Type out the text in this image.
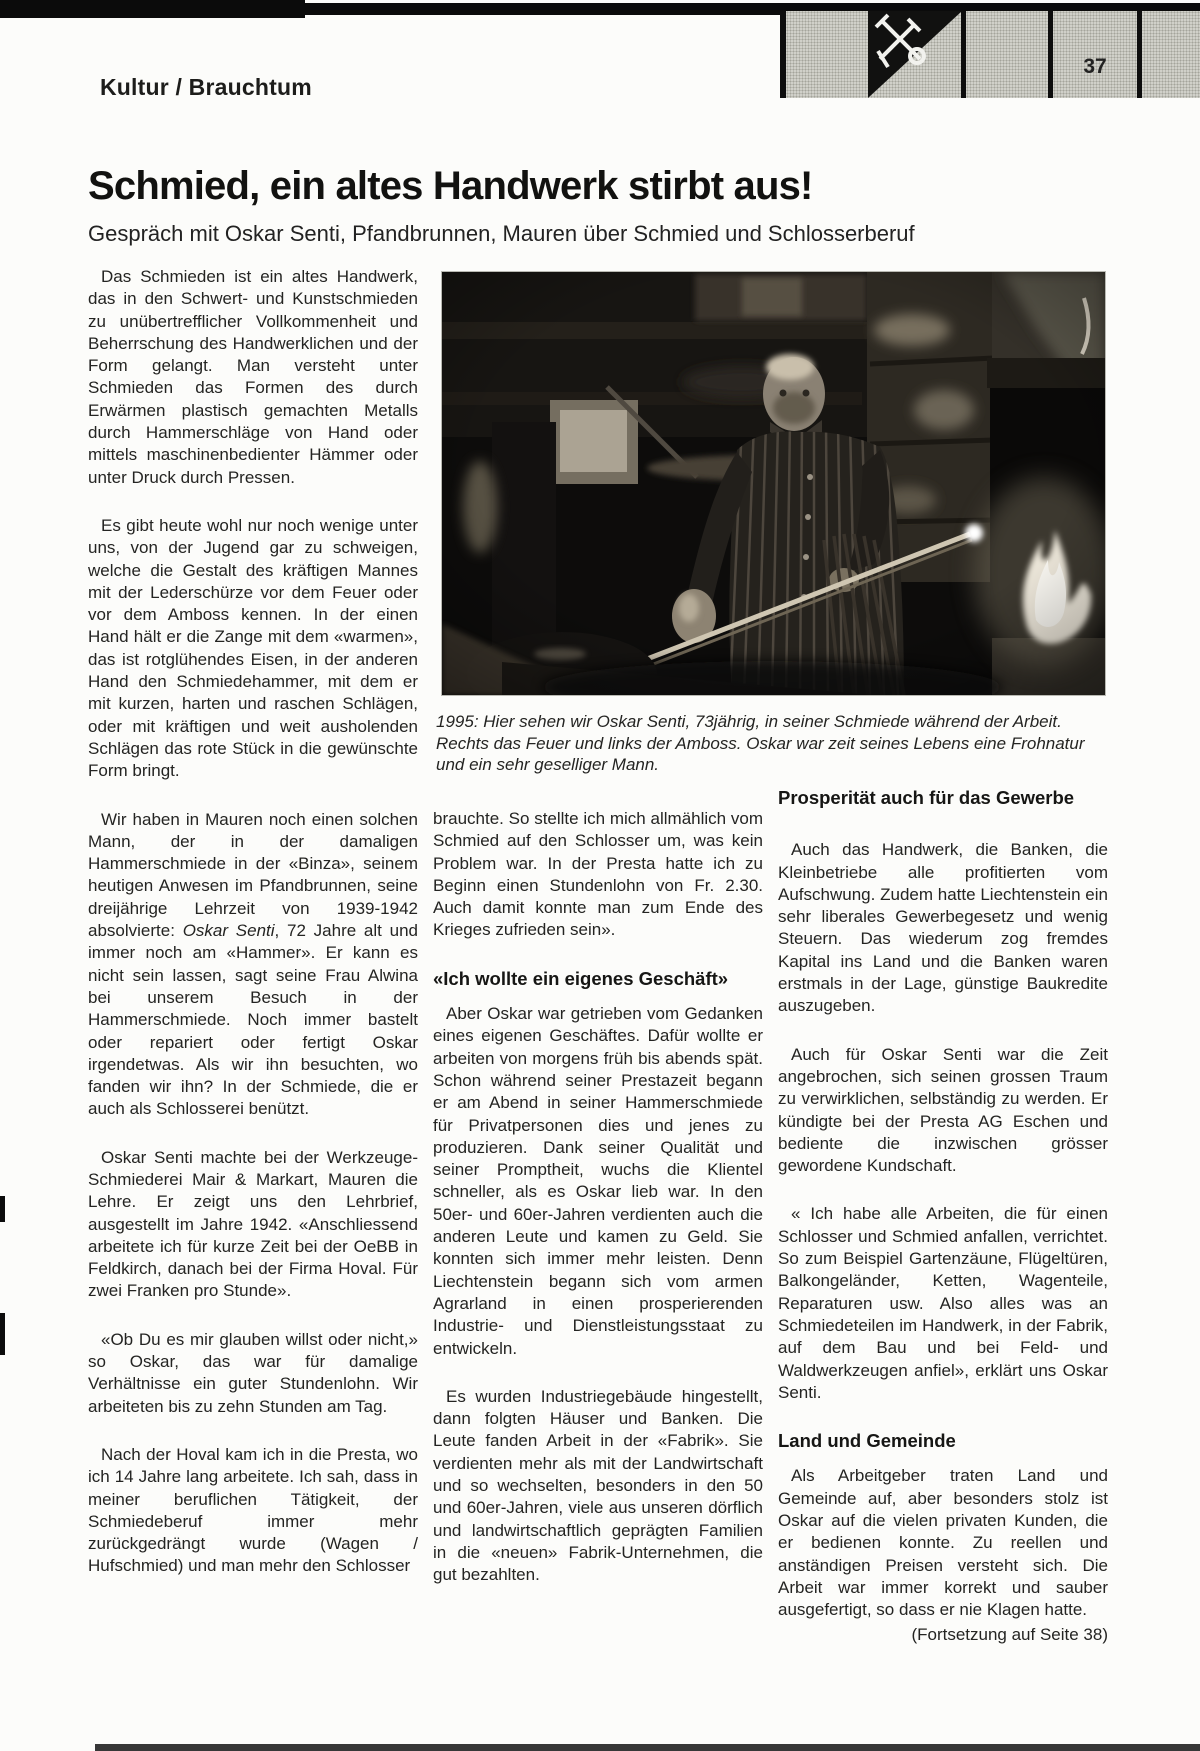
37
Kultur / Brauchtum
Schmied, ein altes Handwerk stirbt aus!
Gespräch mit Oskar Senti, Pfandbrunnen, Mauren über Schmied und Schlosserberuf
1995: Hier sehen wir Oskar Senti, 73jährig, in seiner Schmiede während der Arbeit. Rechts das Feuer und links der Amboss. Oskar war zeit seines Lebens eine Frohnatur und ein sehr geselliger Mann.

Das Schmieden ist ein altes Handwerk, das in den Schwert- und Kunstschmieden zu unübertrefflicher Vollkommenheit und Beherrschung des Handwerklichen und der Form gelangt. Man versteht unter Schmieden das Formen des durch Erwärmen plastisch gemachten Metalls durch Hammerschläge von Hand oder mittels maschinenbedienter Hämmer oder unter Druck durch Pressen.

Es gibt heute wohl nur noch wenige unter uns, von der Jugend gar zu schweigen, welche die Gestalt des kräftigen Mannes mit der Lederschürze vor dem Feuer oder vor dem Amboss kennen. In der einen Hand hält er die Zange mit dem «warmen», das ist rotglühendes Eisen, in der anderen Hand den Schmiedehammer, mit dem er mit kurzen, harten und raschen Schlägen, oder mit kräftigen und weit ausholenden Schlägen das rote Stück in die gewünschte Form bringt.

Wir haben in Mauren noch einen solchen Mann, der in der damaligen Hammerschmiede in der «Binza», seinem heutigen Anwesen im Pfandbrunnen, seine dreijährige Lehrzeit von 1939-1942 absolvierte: Oskar Senti, 72 Jahre alt und immer noch am «Hammer». Er kann es nicht sein lassen, sagt seine Frau Alwina bei unserem Besuch in der Hammerschmiede. Noch immer bastelt oder repariert oder fertigt Oskar irgendetwas. Als wir ihn besuchten, wo fanden wir ihn? In der Schmiede, die er auch als Schlosserei benützt.

Oskar Senti machte bei der Werkzeuge-Schmiederei Mair & Markart, Mauren die Lehre. Er zeigt uns den Lehrbrief, ausgestellt im Jahre 1942. «Anschliessend arbeitete ich für kurze Zeit bei der OeBB in Feldkirch, danach bei der Firma Hoval. Für zwei Franken pro Stunde».

«Ob Du es mir glauben willst oder nicht,» so Oskar, das war für damalige Verhältnisse ein guter Stundenlohn. Wir arbeiteten bis zu zehn Stunden am Tag.

Nach der Hoval kam ich in die Presta, wo ich 14 Jahre lang arbeitete. Ich sah, dass in meiner beruflichen Tätigkeit, der Schmiedeberuf immer mehr zurückgedrängt wurde (Wagen / Hufschmied) und man mehr den Schlosser

brauchte. So stellte ich mich allmählich vom Schmied auf den Schlosser um, was kein Problem war. In der Presta hatte ich zu Beginn einen Stundenlohn von Fr. 2.30. Auch damit konnte man zum Ende des Krieges zufrieden sein».

«Ich wollte ein eigenes Geschäft»

Aber Oskar war getrieben vom Gedanken eines eigenen Geschäftes. Dafür wollte er arbeiten von morgens früh bis abends spät. Schon während seiner Prestazeit begann er am Abend in seiner Hammerschmiede für Privatpersonen dies und jenes zu produzieren. Dank seiner Qualität und seiner Promptheit, wuchs die Klientel schneller, als es Oskar lieb war. In den 50er- und 60er-Jahren verdienten auch die anderen Leute und kamen zu Geld. Sie konnten sich immer mehr leisten. Denn Liechtenstein begann sich vom armen Agrarland in einen prosperierenden Industrie- und Dienstleistungsstaat zu entwickeln.

Es wurden Industriegebäude hingestellt, dann folgten Häuser und Banken. Die Leute fanden Arbeit in der «Fabrik». Sie verdienten mehr als mit der Landwirtschaft und so wechselten, besonders in den 50 und 60er-Jahren, viele aus unseren dörflich und landwirtschaftlich geprägten Familien in die «neuen» Fabrik-Unternehmen, die gut bezahlten.

Prosperität auch für das Gewerbe

Auch das Handwerk, die Banken, die Kleinbetriebe alle profitierten vom Aufschwung. Zudem hatte Liechtenstein ein sehr liberales Gewerbegesetz und wenig Steuern. Das wiederum zog fremdes Kapital ins Land und die Banken waren erstmals in der Lage, günstige Baukredite auszugeben.

Auch für Oskar Senti war die Zeit angebrochen, sich seinen grossen Traum zu verwirklichen, selbständig zu werden. Er kündigte bei der Presta AG Eschen und bediente die inzwischen grösser gewordene Kundschaft.

« Ich habe alle Arbeiten, die für einen Schlosser und Schmied anfallen, verrichtet. So zum Beispiel Gartenzäune, Flügeltüren, Balkongeländer, Ketten, Wagenteile, Reparaturen usw. Also alles was an Schmiedeteilen im Handwerk, in der Fabrik, auf dem Bau und bei Feld- und Waldwerkzeugen anfiel», erklärt uns Oskar Senti.

Land und Gemeinde

Als Arbeitgeber traten Land und Gemeinde auf, aber besonders stolz ist Oskar auf die vielen privaten Kunden, die er bedienen konnte. Zu reellen und anständigen Preisen versteht sich. Die Arbeit war immer korrekt und sauber ausgefertigt, so dass er nie Klagen hatte.

(Fortsetzung auf Seite 38)
